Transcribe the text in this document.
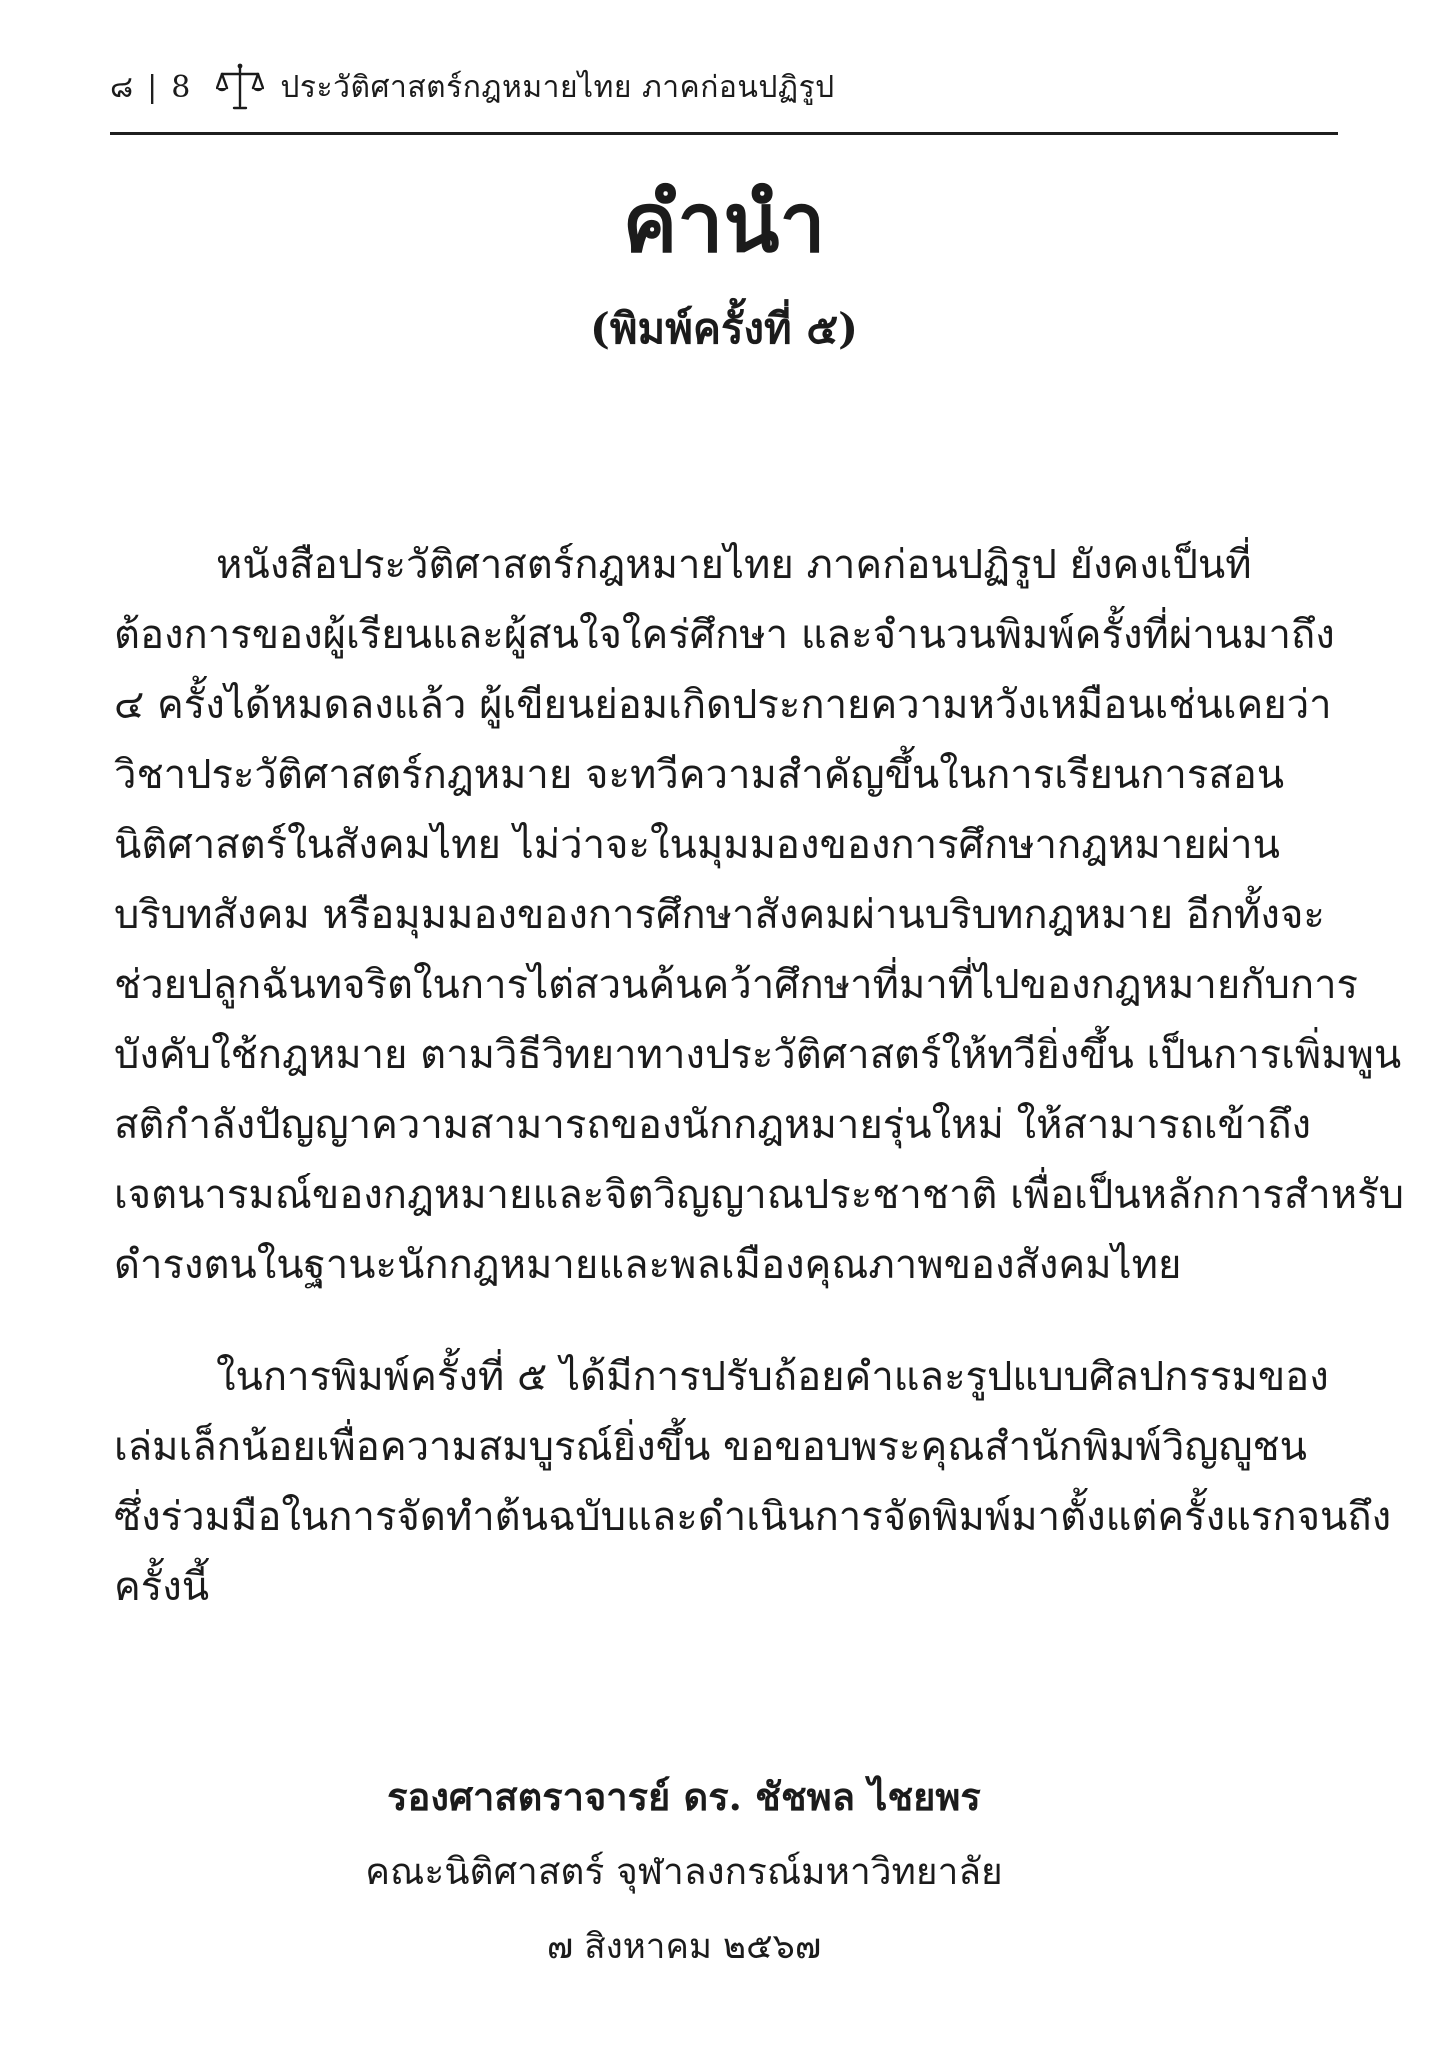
๘ | 8	ประวัติศาสตร์กฎหมายไทย ภาคก่อนปฏิรูป
คำนำ
(พิมพ์ครั้งที่ ๕)
หนังสือประวัติศาสตร์กฎหมายไทย ภาคก่อนปฏิรูป ยังคงเป็นที่
ต้องการของผู้เรียนและผู้สนใจใคร่ศึกษา และจำนวนพิมพ์ครั้งที่ผ่านมาถึง
๔ ครั้งได้หมดลงแล้ว ผู้เขียนย่อมเกิดประกายความหวังเหมือนเช่นเคยว่า
วิชาประวัติศาสตร์กฎหมาย จะทวีความสำคัญขึ้นในการเรียนการสอน
นิติศาสตร์ในสังคมไทย ไม่ว่าจะในมุมมองของการศึกษากฎหมายผ่าน
บริบทสังคม หรือมุมมองของการศึกษาสังคมผ่านบริบทกฎหมาย อีกทั้งจะ
ช่วยปลูกฉันทจริตในการไต่สวนค้นคว้าศึกษาที่มาที่ไปของกฎหมายกับการ
บังคับใช้กฎหมาย ตามวิธีวิทยาทางประวัติศาสตร์ให้ทวียิ่งขึ้น เป็นการเพิ่มพูน
สติกำลังปัญญาความสามารถของนักกฎหมายรุ่นใหม่ ให้สามารถเข้าถึง
เจตนารมณ์ของกฎหมายและจิตวิญญาณประชาชาติ เพื่อเป็นหลักการสำหรับ
ดำรงตนในฐานะนักกฎหมายและพลเมืองคุณภาพของสังคมไทย
ในการพิมพ์ครั้งที่ ๕ ได้มีการปรับถ้อยคำและรูปแบบศิลปกรรมของ
เล่มเล็กน้อยเพื่อความสมบูรณ์ยิ่งขึ้น ขอขอบพระคุณสำนักพิมพ์วิญญูชน
ซึ่งร่วมมือในการจัดทำต้นฉบับและดำเนินการจัดพิมพ์มาตั้งแต่ครั้งแรกจนถึง
ครั้งนี้
รองศาสตราจารย์ ดร. ชัชพล ไชยพร
คณะนิติศาสตร์ จุฬาลงกรณ์มหาวิทยาลัย
๗ สิงหาคม ๒๕๖๗
